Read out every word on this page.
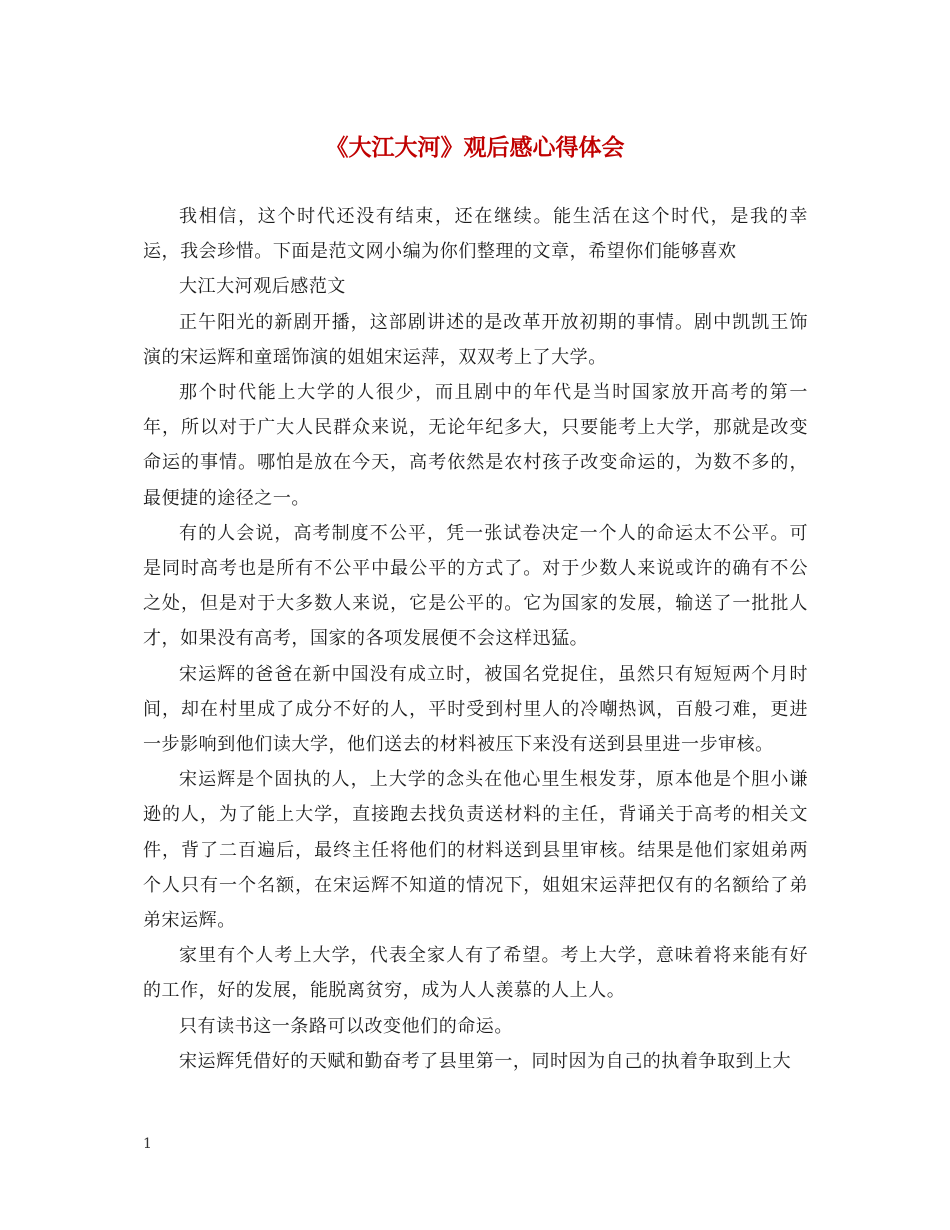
《大江大河》观后感心得体会

我相信，这个时代还没有结束，还在继续。能生活在这个时代，是我的幸运，我会珍惜。下面是范文网小编为你们整理的文章，希望你们能够喜欢

大江大河观后感范文

正午阳光的新剧开播，这部剧讲述的是改革开放初期的事情。剧中凯凯王饰演的宋运辉和童瑶饰演的姐姐宋运萍，双双考上了大学。

那个时代能上大学的人很少，而且剧中的年代是当时国家放开高考的第一年，所以对于广大人民群众来说，无论年纪多大，只要能考上大学，那就是改变命运的事情。哪怕是放在今天，高考依然是农村孩子改变命运的，为数不多的，最便捷的途径之一。

有的人会说，高考制度不公平，凭一张试卷决定一个人的命运太不公平。可是同时高考也是所有不公平中最公平的方式了。对于少数人来说或许的确有不公之处，但是对于大多数人来说，它是公平的。它为国家的发展，输送了一批批人才，如果没有高考，国家的各项发展便不会这样迅猛。

宋运辉的爸爸在新中国没有成立时，被国名党捉住，虽然只有短短两个月时间，却在村里成了成分不好的人，平时受到村里人的冷嘲热讽，百般刁难，更进一步影响到他们读大学，他们送去的材料被压下来没有送到县里进一步审核。

宋运辉是个固执的人，上大学的念头在他心里生根发芽，原本他是个胆小谦逊的人，为了能上大学，直接跑去找负责送材料的主任，背诵关于高考的相关文件，背了二百遍后，最终主任将他们的材料送到县里审核。结果是他们家姐弟两个人只有一个名额，在宋运辉不知道的情况下，姐姐宋运萍把仅有的名额给了弟弟宋运辉。

家里有个人考上大学，代表全家人有了希望。考上大学，意味着将来能有好的工作，好的发展，能脱离贫穷，成为人人羡慕的人上人。

只有读书这一条路可以改变他们的命运。

宋运辉凭借好的天赋和勤奋考了县里第一，同时因为自己的执着争取到上大

1
